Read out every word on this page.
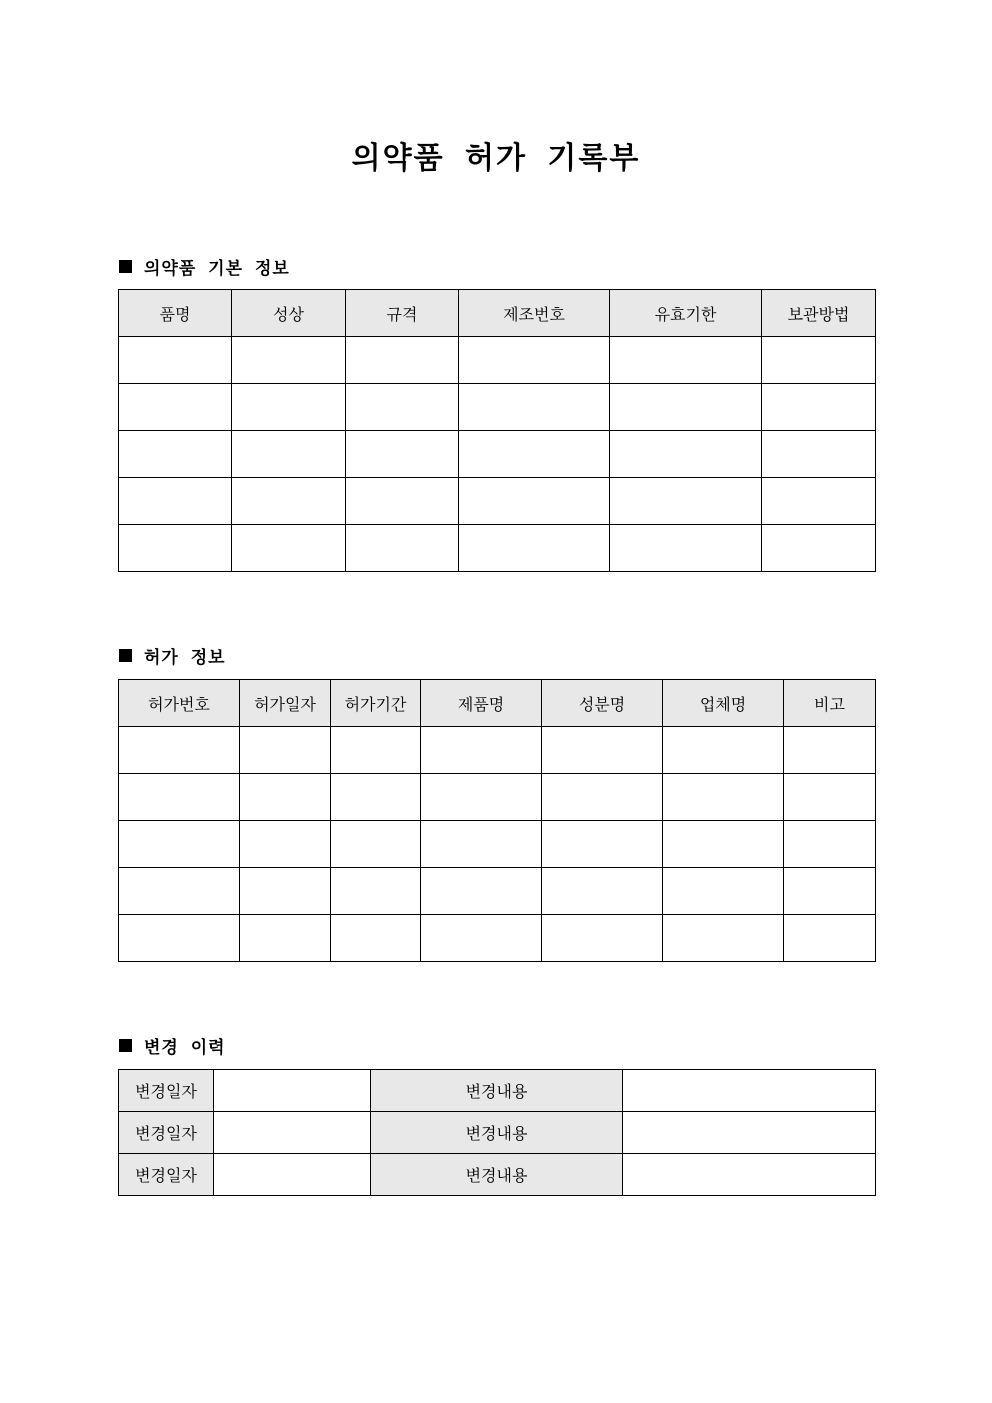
의약품 허가 기록부
의약품 기본 정보
품명	성상	규격	제조번호	유효기한	보관방법

허가 정보
허가번호	허가일자	허가기간	제품명	성분명	업체명	비고

변경 이력
변경일자		변경내용	
변경일자		변경내용	
변경일자		변경내용	
